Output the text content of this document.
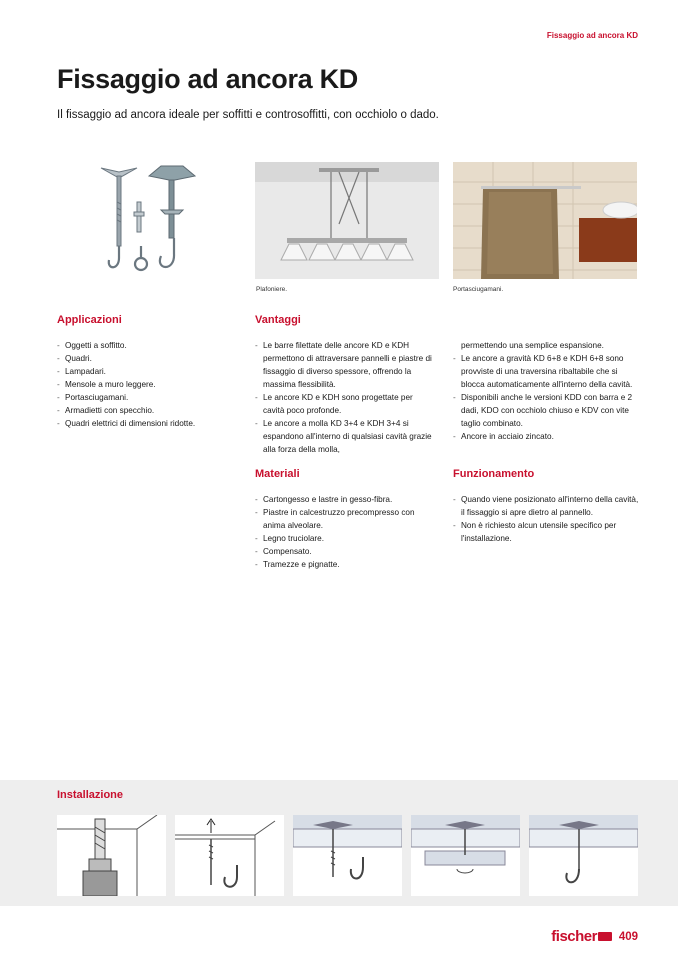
Fissaggio ad ancora KD
Fissaggio ad ancora KD
Il fissaggio ad ancora ideale per soffitti e controsoffitti, con occhiolo o dado.
Plafoniere.	Portasciugamani.
Applicazioni
- Oggetti a soffitto.
- Quadri.
- Lampadari.
- Mensole a muro leggere.
- Portasciugamani.
- Armadietti con specchio.
- Quadri elettrici di dimensioni ridotte.
Vantaggi
- Le barre filettate delle ancore KD e KDH permettono di attraversare pannelli e piastre di fissaggio di diverso spessore, offrendo la massima flessibilità.
- Le ancore KD e KDH sono progettate per cavità poco profonde.
- Le ancore a molla KD 3+4 e KDH 3+4 si espandono all'interno di qualsiasi cavità grazie alla forza della molla,
permettendo una semplice espansione.
- Le ancore a gravità KD 6+8 e KDH 6+8 sono provviste di una traversina ribaltabile che si blocca automaticamente all'interno della cavità.
- Disponibili anche le versioni KDD con barra e 2 dadi, KDO con occhiolo chiuso e KDV con vite taglio combinato.
- Ancore in acciaio zincato.
Materiali
- Cartongesso e lastre in gesso-fibra.
- Piastre in calcestruzzo precompresso con anima alveolare.
- Legno truciolare.
- Compensato.
- Tramezze e pignatte.
Funzionamento
- Quando viene posizionato all'interno della cavità, il fissaggio si apre dietro al pannello.
- Non è richiesto alcun utensile specifico per l'installazione.
Installazione
fischer 409
